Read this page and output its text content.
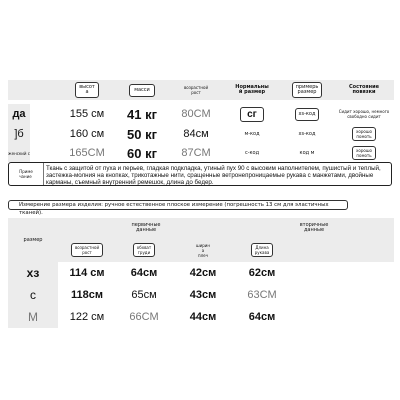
высот
а	масси	возрастной
рост
Нормальны
й размер
примерь
размер
Состояние
повязки
да	155 см 41 кг 80CM	сг	xs-код	Сидит хорошо, немного
свободно сидит
]б	160 см 50 кг 84см	м-код	xs-код	хорошо
помоть
женский с	165CM 60 кг 87CM	с-код	код м	хорошо
помоть
Приме
чание
Ткань с защитой от пуха и перьев, гладкая подкладка, утиный пух 90 с высоким наполнителем, пушистый и теплый, застежка-молния на кнопках, трикотажные нити, сращенные ветронепроницаемые рукава с манжетами, двойные карманы, съемный внутренний ремешок, длина до бедер.
Измерение размера изделия: ручное естественное плоское измерение (погрешность 13 см для эластичных тканей).
размер
первичные
данные
вторичные
данные
возрастной
рост
обхват
груди
ширин
а
плеч
Длина
рукава
xз	114 см 64см	42см	62см
с	118см	65см	43см	63СМ
М	122 см 66СМ	44см	64см
